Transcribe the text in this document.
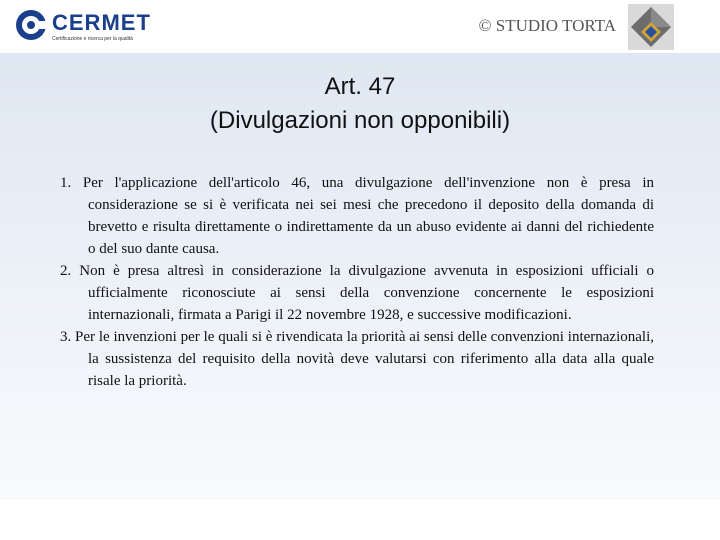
CERMET
Certificazione e ricerca per la qualità
© STUDIO TORTA
Art. 47
(Divulgazioni non opponibili)
1. Per l'applicazione dell'articolo 46, una divulgazione dell'invenzione non è presa in considerazione se si è verificata nei sei mesi che precedono il deposito della domanda di brevetto e risulta direttamente o indirettamente da un abuso evidente ai danni del richiedente o del suo dante causa.
2. Non è presa altresì in considerazione la divulgazione avvenuta in esposizioni ufficiali o ufficialmente riconosciute ai sensi della convenzione concernente le esposizioni internazionali, firmata a Parigi il 22 novembre 1928, e successive modificazioni.
3. Per le invenzioni per le quali si è rivendicata la priorità ai sensi delle convenzioni internazionali, la sussistenza del requisito della novità deve valutarsi con riferimento alla data alla quale risale la priorità.
